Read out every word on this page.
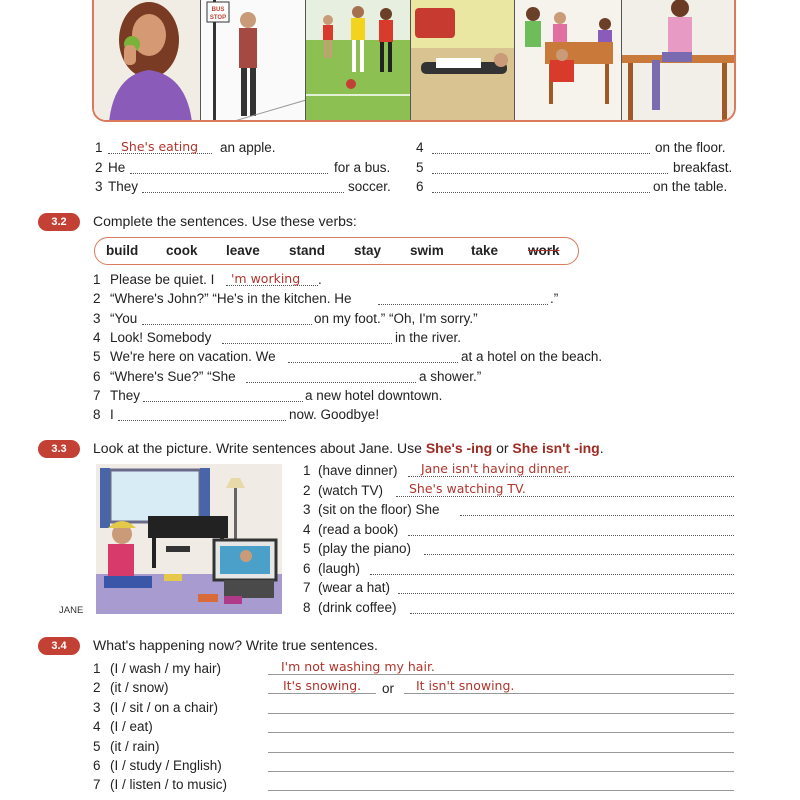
BUS
STOP
1 She's eating an apple.
2 He	for a bus.
3 They	soccer.
4	on the floor.
5	breakfast.
6	on the table.
3.2	Complete the sentences. Use these verbs:
build cook leave stand stay swim take work
1 Please be quiet. I 'm working .
2 “Where's John?” “He's in the kitchen. He	.”
3 “You	on my foot.” “Oh, I'm sorry.”
4 Look! Somebody	in the river.
5 We're here on vacation. We	at a hotel on the beach.
6 “Where's Sue?” “She	a shower.”
7 They	a new hotel downtown.
8 I	now. Goodbye!
3.3	Look at the picture. Write sentences about Jane. Use She's -ing or She isn't -ing.
JANE
1 (have dinner) Jane isn't having dinner.
2 (watch TV) She's watching TV.
3 (sit on the floor) She
4 (read a book)
5 (play the piano)
6 (laugh)
7 (wear a hat)
8 (drink coffee)
3.4	What's happening now? Write true sentences.
1 (I / wash / my hair)	I'm not washing my hair.
2 (it / snow)	It's snowing. or It isn't snowing.
3 (I / sit / on a chair)
4 (I / eat)
5 (it / rain)
6 (I / study / English)
7 (I / listen / to music)
